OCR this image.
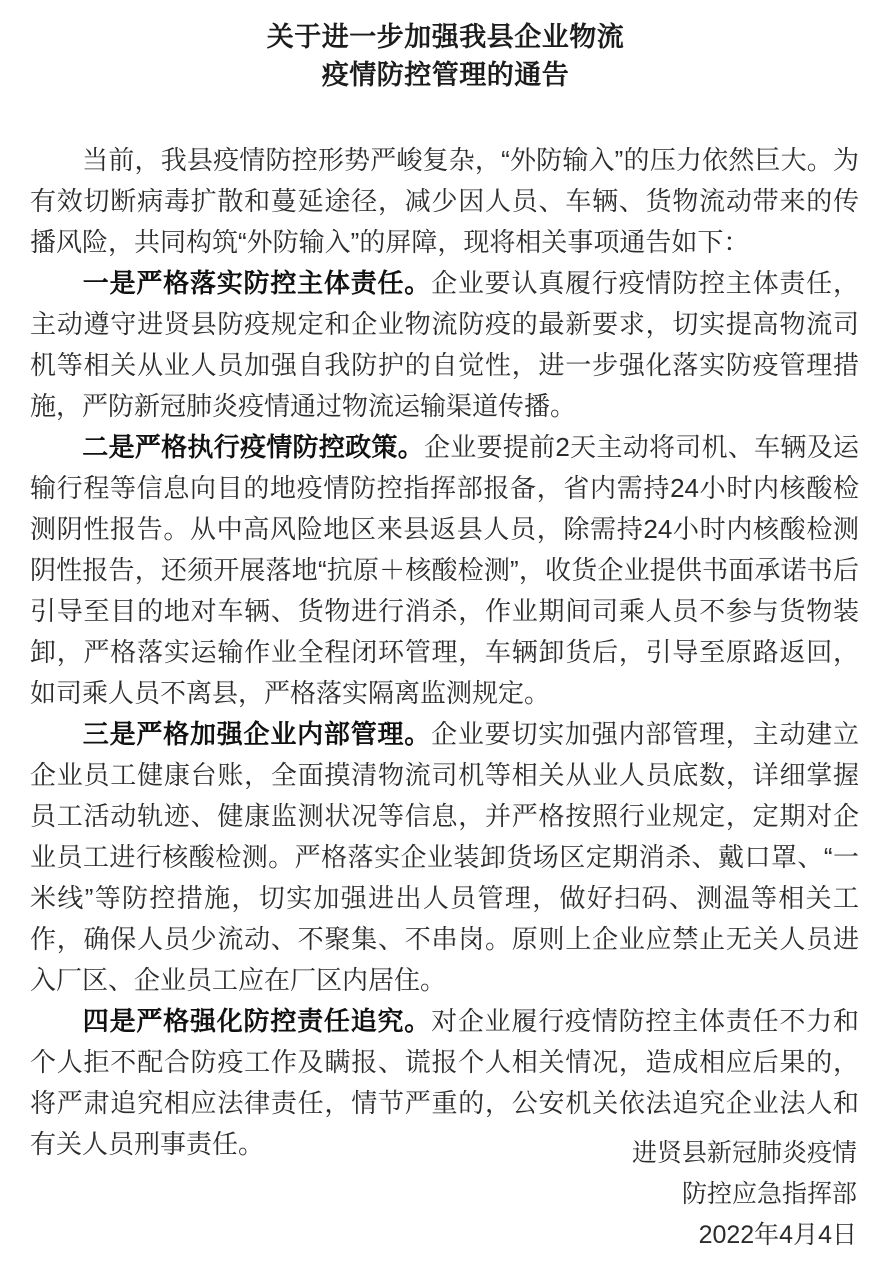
关于进一步加强我县企业物流
疫情防控管理的通告

当前，我县疫情防控形势严峻复杂，“外防输入”的压力依然巨大。为有效切断病毒扩散和蔓延途径，减少因人员、车辆、货物流动带来的传播风险，共同构筑“外防输入”的屏障，现将相关事项通告如下：

一是严格落实防控主体责任。企业要认真履行疫情防控主体责任，主动遵守进贤县防疫规定和企业物流防疫的最新要求，切实提高物流司机等相关从业人员加强自我防护的自觉性，进一步强化落实防疫管理措施，严防新冠肺炎疫情通过物流运输渠道传播。

二是严格执行疫情防控政策。企业要提前2天主动将司机、车辆及运输行程等信息向目的地疫情防控指挥部报备，省内需持24小时内核酸检测阴性报告。从中高风险地区来县返县人员，除需持24小时内核酸检测阴性报告，还须开展落地“抗原＋核酸检测”，收货企业提供书面承诺书后引导至目的地对车辆、货物进行消杀，作业期间司乘人员不参与货物装卸，严格落实运输作业全程闭环管理，车辆卸货后，引导至原路返回，如司乘人员不离县，严格落实隔离监测规定。

三是严格加强企业内部管理。企业要切实加强内部管理，主动建立企业员工健康台账，全面摸清物流司机等相关从业人员底数，详细掌握员工活动轨迹、健康监测状况等信息，并严格按照行业规定，定期对企业员工进行核酸检测。严格落实企业装卸货场区定期消杀、戴口罩、“一米线”等防控措施，切实加强进出人员管理，做好扫码、测温等相关工作，确保人员少流动、不聚集、不串岗。原则上企业应禁止无关人员进入厂区、企业员工应在厂区内居住。

四是严格强化防控责任追究。对企业履行疫情防控主体责任不力和个人拒不配合防疫工作及瞒报、谎报个人相关情况，造成相应后果的，将严肃追究相应法律责任，情节严重的，公安机关依法追究企业法人和有关人员刑事责任。	进贤县新冠肺炎疫情
防控应急指挥部
2022年4月4日
